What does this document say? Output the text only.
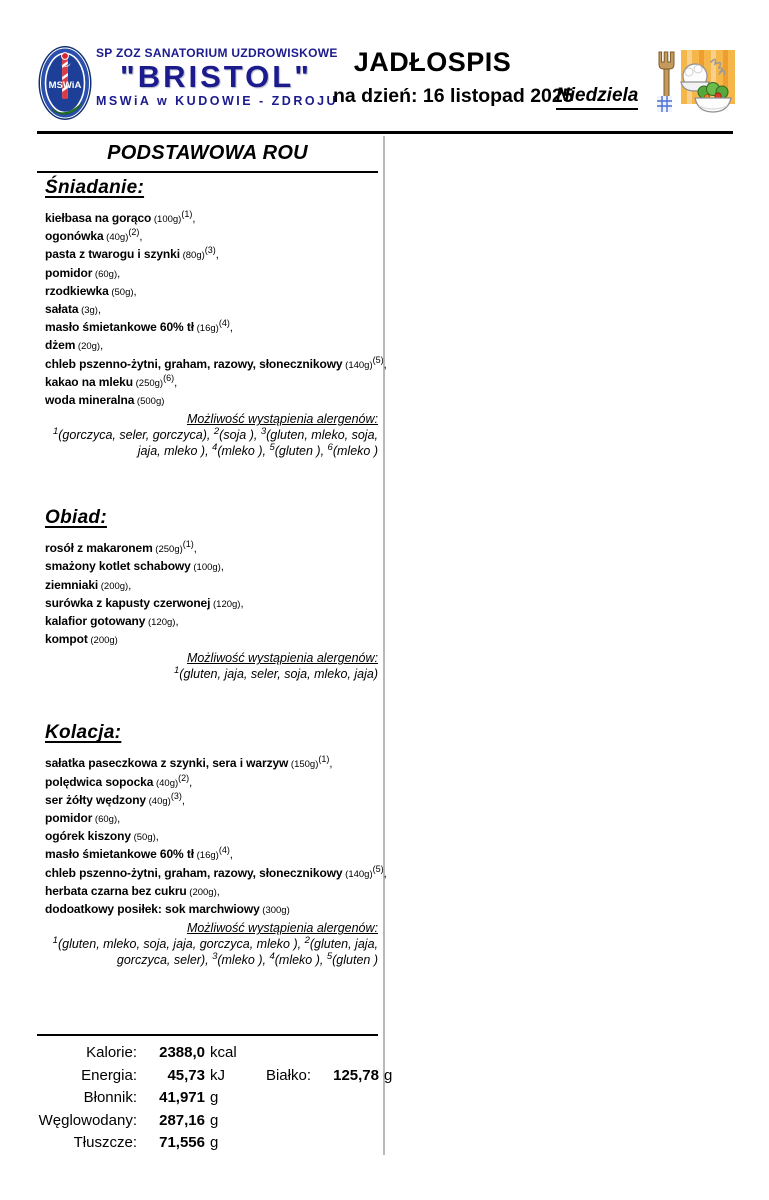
MSWiA
SP ZOZ SANATORIUM UZDROWISKOWE
"BRISTOL"
MSWiA w KUDOWIE - ZDROJU
JADŁOSPIS
na dzień: 16 listopad 2025
Niedziela
PODSTAWOWA ROU
Śniadanie:
kiełbasa na gorąco $(100g)^{(1)}$,
ogonówka $(40g)^{(2)}$,
pasta z twarogu i szynki $(80g)^{(3)}$,
pomidor (60g),
rzodkiewka (50g),
sałata (3g),
masło śmietankowe 60% tł $(16g)^{(4)}$,
dżem (20g),
chleb pszenno-żytni, graham, razowy, słonecznikowy $(140g)^{(5)}$,
kakao na mleku $(250g)^{(6)}$,
woda mineralna (500g)
Możliwość wystąpienia alergenów:
$^1$(gorczyca, seler, gorczyca), $^2$(soja ), $^3$(gluten, mleko, soja, jaja, mleko ), $^4$(mleko ), $^5$(gluten ), $^6$(mleko )
Obiad:
rosół z makaronem $(250g)^{(1)}$,
smażony kotlet schabowy (100g),
ziemniaki (200g),
surówka z kapusty czerwonej (120g),
kalafior gotowany (120g),
kompot (200g)
Możliwość wystąpienia alergenów:
$^1$(gluten, jaja, seler, soja, mleko, jaja)
Kolacja:
sałatka paseczkowa z szynki, sera i warzyw $(150g)^{(1)}$,
polędwica sopocka $(40g)^{(2)}$,
ser żółty wędzony $(40g)^{(3)}$,
pomidor (60g),
ogórek kiszony (50g),
masło śmietankowe 60% tł $(16g)^{(4)}$,
chleb pszenno-żytni, graham, razowy, słonecznikowy $(140g)^{(5)}$,
herbata czarna bez cukru (200g),
dodoatkowy posiłek: sok marchwiowy (300g)
Możliwość wystąpienia alergenów:
$^1$(gluten, mleko, soja, jaja, gorczyca, mleko ), $^2$(gluten, jaja, gorczyca, seler), $^3$(mleko ), $^4$(mleko ), $^5$(gluten )
Kalorie:	2388,0 kcal
Energia:	45,73 kJ	Białko:	125,78 g
Błonnik:	41,971 g
Węglowodany:	287,16 g
Tłuszcze:	71,556 g
